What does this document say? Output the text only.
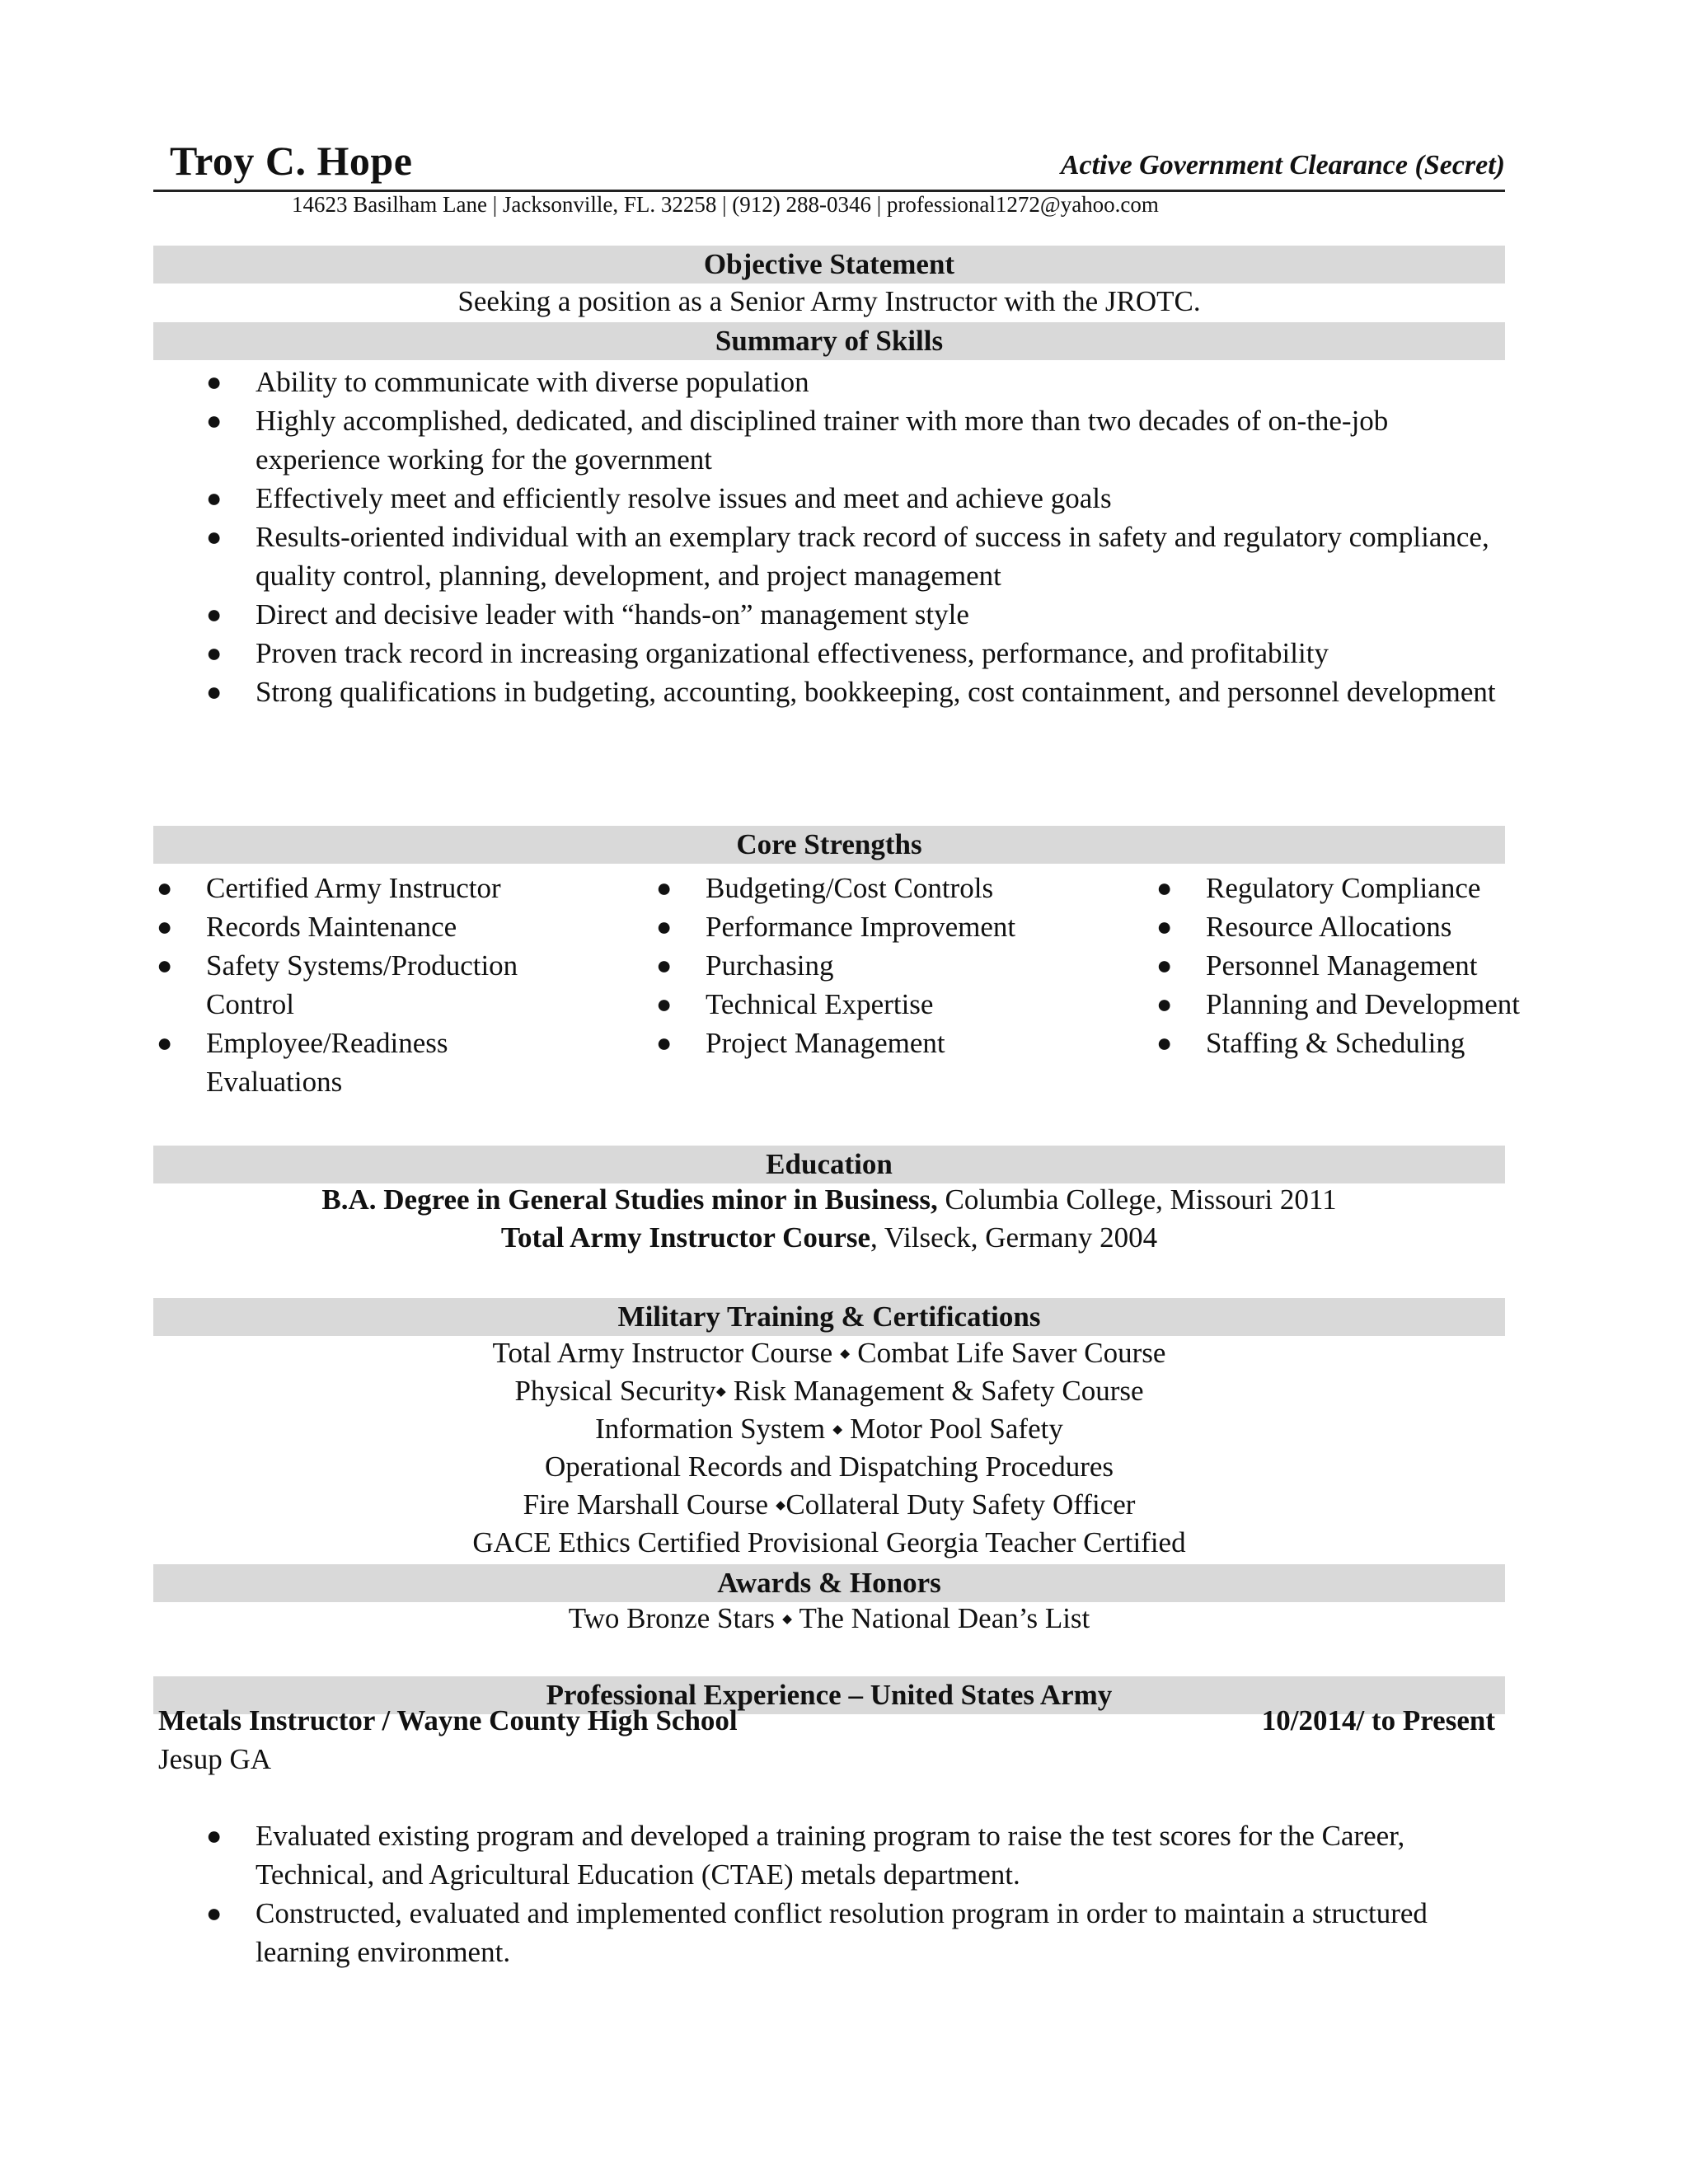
Troy C. Hope	Active Government Clearance (Secret)
14623 Basilham Lane | Jacksonville, FL. 32258 | (912) 288-0346 | professional1272@yahoo.com
Objective Statement
Seeking a position as a Senior Army Instructor with the JROTC.
Summary of Skills
● Ability to communicate with diverse population
● Highly accomplished, dedicated, and disciplined trainer with more than two decades of on-the-job experience working for the government
● Effectively meet and efficiently resolve issues and meet and achieve goals
● Results-oriented individual with an exemplary track record of success in safety and regulatory compliance, quality control, planning, development, and project management
● Direct and decisive leader with “hands-on” management style
● Proven track record in increasing organizational effectiveness, performance, and profitability
● Strong qualifications in budgeting, accounting, bookkeeping, cost containment, and personnel development
Core Strengths
● Certified Army Instructor
● Records Maintenance
● Safety Systems/Production Control
● Employee/Readiness Evaluations
● Budgeting/Cost Controls
● Performance Improvement
● Purchasing
● Technical Expertise
● Project Management
● Regulatory Compliance
● Resource Allocations
● Personnel Management
● Planning and Development
● Staffing & Scheduling
Education
B.A. Degree in General Studies minor in Business, Columbia College, Missouri 2011
Total Army Instructor Course, Vilseck, Germany 2004
Military Training & Certifications
Total Army Instructor Course ⬩ Combat Life Saver Course
Physical Security⬩ Risk Management & Safety Course
Information System ⬩ Motor Pool Safety
Operational Records and Dispatching Procedures
Fire Marshall Course ⬩Collateral Duty Safety Officer
GACE Ethics Certified Provisional Georgia Teacher Certified
Awards & Honors
Two Bronze Stars ⬩ The National Dean’s List
Professional Experience – United States Army
Metals Instructor / Wayne County High School	10/2014/ to Present
Jesup GA
● Evaluated existing program and developed a training program to raise the test scores for the Career, Technical, and Agricultural Education (CTAE) metals department.
● Constructed, evaluated and implemented conflict resolution program in order to maintain a structured learning environment.
